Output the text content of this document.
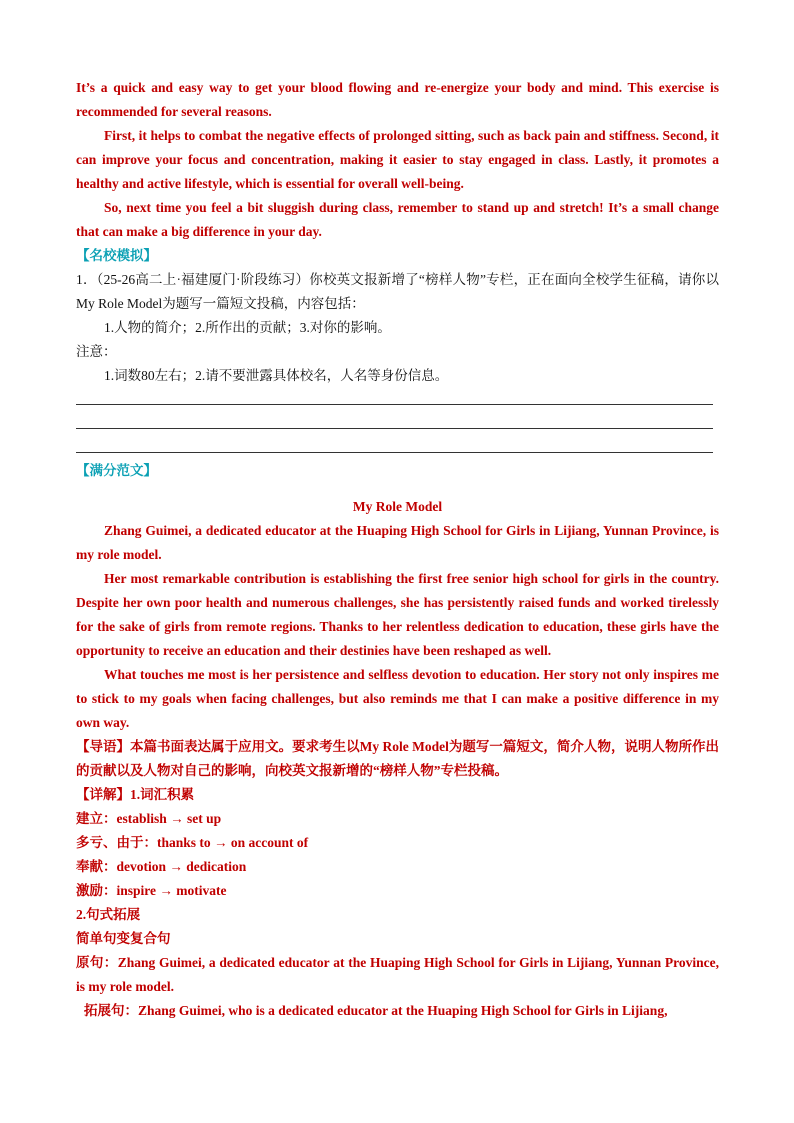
It’s a quick and easy way to get your blood flowing and re-energize your body and mind. This exercise is recommended for several reasons.

First, it helps to combat the negative effects of prolonged sitting, such as back pain and stiffness. Second, it can improve your focus and concentration, making it easier to stay engaged in class. Lastly, it promotes a healthy and active lifestyle, which is essential for overall well-being.

So, next time you feel a bit sluggish during class, remember to stand up and stretch! It’s a small change that can make a big difference in your day.

【名校模拟】

1．（25-26高二上·福建厦门·阶段练习）你校英文报新增了“榜样人物”专栏，正在面向全校学生征稿，请你以My Role Model为题写一篇短文投稿，内容包括：

1.人物的简介；2.所作出的贡献；3.对你的影响。

注意：

1.词数80左右；2.请不要泄露具体校名，人名等身份信息。

【满分范文】

My Role Model

Zhang Guimei, a dedicated educator at the Huaping High School for Girls in Lijiang, Yunnan Province, is my role model.

Her most remarkable contribution is establishing the first free senior high school for girls in the country. Despite her own poor health and numerous challenges, she has persistently raised funds and worked tirelessly for the sake of girls from remote regions. Thanks to her relentless dedication to education, these girls have the opportunity to receive an education and their destinies have been reshaped as well.

What touches me most is her persistence and selfless devotion to education. Her story not only inspires me to stick to my goals when facing challenges, but also reminds me that I can make a positive difference in my own way.

【导语】本篇书面表达属于应用文。要求考生以My Role Model为题写一篇短文，简介人物，说明人物所作出的贡献以及人物对自己的影响，向校英文报新增的“榜样人物”专栏投稿。

【详解】1.词汇积累

建立：establish → set up

多亏、由于：thanks to → on account of

奉献：devotion → dedication

激励：inspire → motivate

2.句式拓展

简单句变复合句

原句：Zhang Guimei, a dedicated educator at the Huaping High School for Girls in Lijiang, Yunnan Province, is my role model.

拓展句：Zhang Guimei, who is a dedicated educator at the Huaping High School for Girls in Lijiang,
